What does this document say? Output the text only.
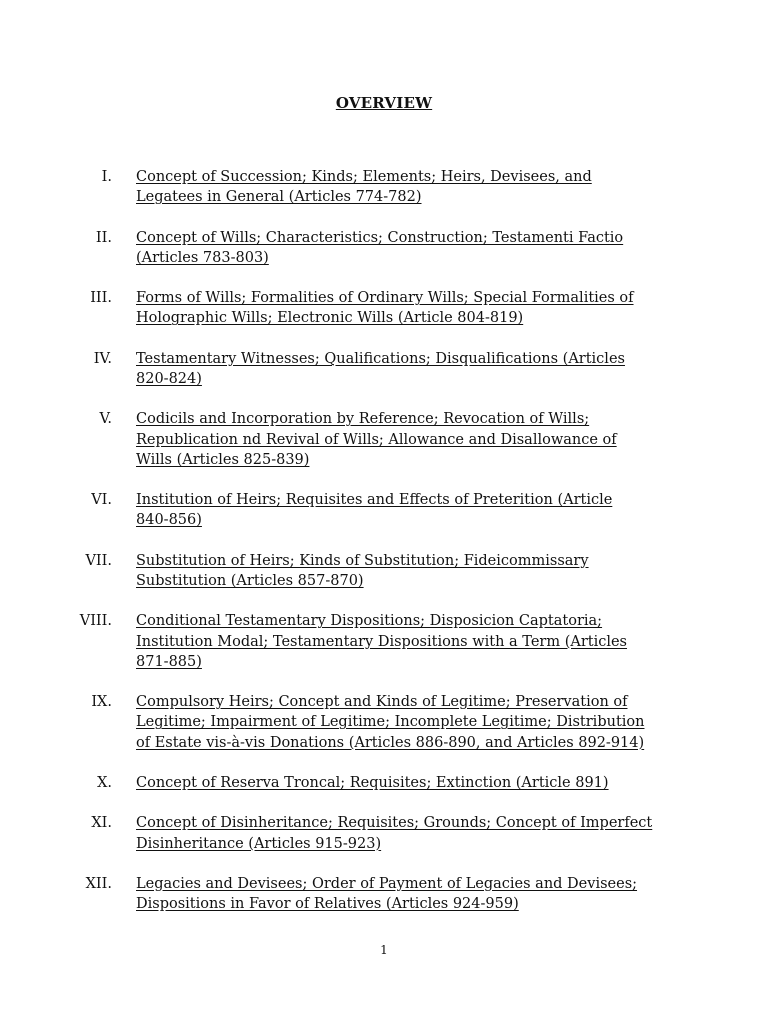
OVERVIEW
I. Concept of Succession; Kinds; Elements; Heirs, Devisees, and
Legatees in General (Articles 774-782)
II. Concept of Wills; Characteristics; Construction; Testamenti Factio
(Articles 783-803)
III. Forms of Wills; Formalities of Ordinary Wills; Special Formalities of
Holographic Wills; Electronic Wills (Article 804-819)
IV. Testamentary Witnesses; Qualifications; Disqualifications (Articles
820-824)
V. Codicils and Incorporation by Reference; Revocation of Wills;
Republication nd Revival of Wills; Allowance and Disallowance of
Wills (Articles 825-839)
VI. Institution of Heirs; Requisites and Effects of Preterition (Article
840-856)
VII. Substitution of Heirs; Kinds of Substitution; Fideicommissary
Substitution (Articles 857-870)
VIII. Conditional Testamentary Dispositions; Disposicion Captatoria;
Institution Modal; Testamentary Dispositions with a Term (Articles
871-885)
IX. Compulsory Heirs; Concept and Kinds of Legitime; Preservation of
Legitime; Impairment of Legitime; Incomplete Legitime; Distribution
of Estate vis-à-vis Donations (Articles 886-890, and Articles 892-914)
X. Concept of Reserva Troncal; Requisites; Extinction (Article 891)
XI. Concept of Disinheritance; Requisites; Grounds; Concept of Imperfect
Disinheritance (Articles 915-923)
XII. Legacies and Devisees; Order of Payment of Legacies and Devisees;
Dispositions in Favor of Relatives (Articles 924-959)
1
